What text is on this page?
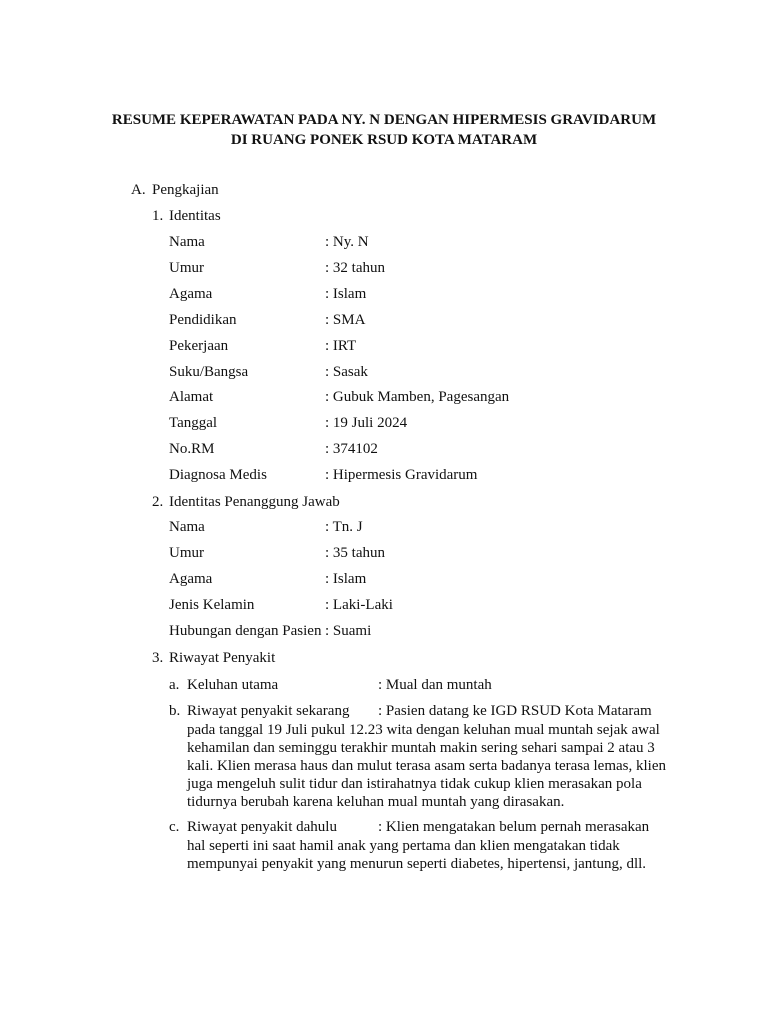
RESUME KEPERAWATAN PADA NY. N DENGAN HIPERMESIS GRAVIDARUM
DI RUANG PONEK RSUD KOTA MATARAM
A. Pengkajian
1. Identitas
Nama	: Ny. N
Umur	: 32 tahun
Agama	: Islam
Pendidikan	: SMA
Pekerjaan	: IRT
Suku/Bangsa	: Sasak
Alamat	: Gubuk Mamben, Pagesangan
Tanggal	: 19 Juli 2024
No.RM	: 374102
Diagnosa Medis	: Hipermesis Gravidarum
2. Identitas Penanggung Jawab
Nama	: Tn. J
Umur	: 35 tahun
Agama	: Islam
Jenis Kelamin	: Laki-Laki
Hubungan dengan Pasien : Suami
3. Riwayat Penyakit
a. Keluhan utama	: Mual dan muntah
b. Riwayat penyakit sekarang : Pasien datang ke IGD RSUD Kota Mataram
pada tanggal 19 Juli pukul 12.23 wita dengan keluhan mual muntah sejak awal
kehamilan dan seminggu terakhir muntah makin sering sehari sampai 2 atau 3
kali. Klien merasa haus dan mulut terasa asam serta badanya terasa lemas, klien
juga mengeluh sulit tidur dan istirahatnya tidak cukup klien merasakan pola
tidurnya berubah karena keluhan mual muntah yang dirasakan.
c. Riwayat penyakit dahulu	: Klien mengatakan belum pernah merasakan
hal seperti ini saat hamil anak yang pertama dan klien mengatakan tidak
mempunyai penyakit yang menurun seperti diabetes, hipertensi, jantung, dll.
